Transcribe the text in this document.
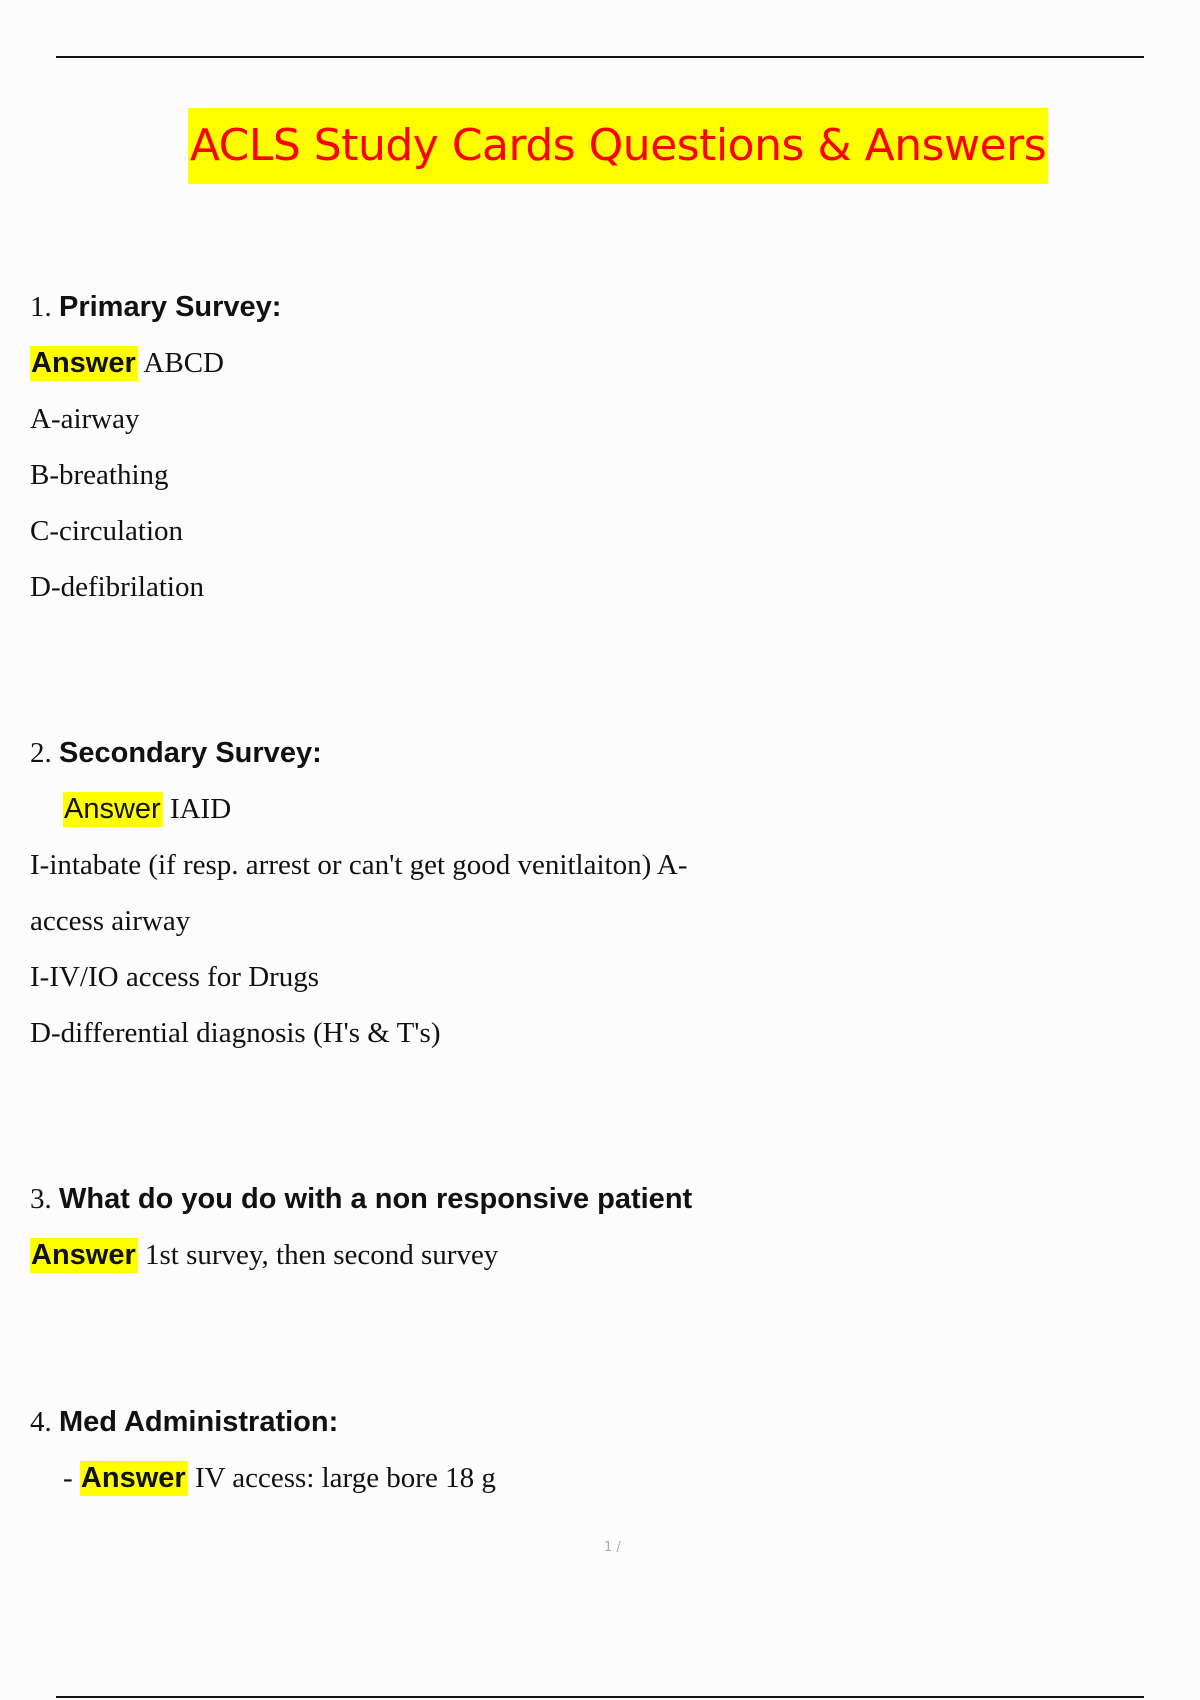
ACLS Study Cards Questions & Answers
1. Primary Survey:
Answer ABCD
A-airway
B-breathing
C-circulation
D-defibrilation
2. Secondary Survey:
Answer IAID
I-intabate (if resp. arrest or can't get good venitlaiton) A-
access airway
I-IV/IO access for Drugs
D-differential diagnosis (H's & T's)
3. What do you do with a non responsive patient
Answer 1st survey, then second survey
4. Med Administration:
- Answer IV access: large bore 18 g
1 /
